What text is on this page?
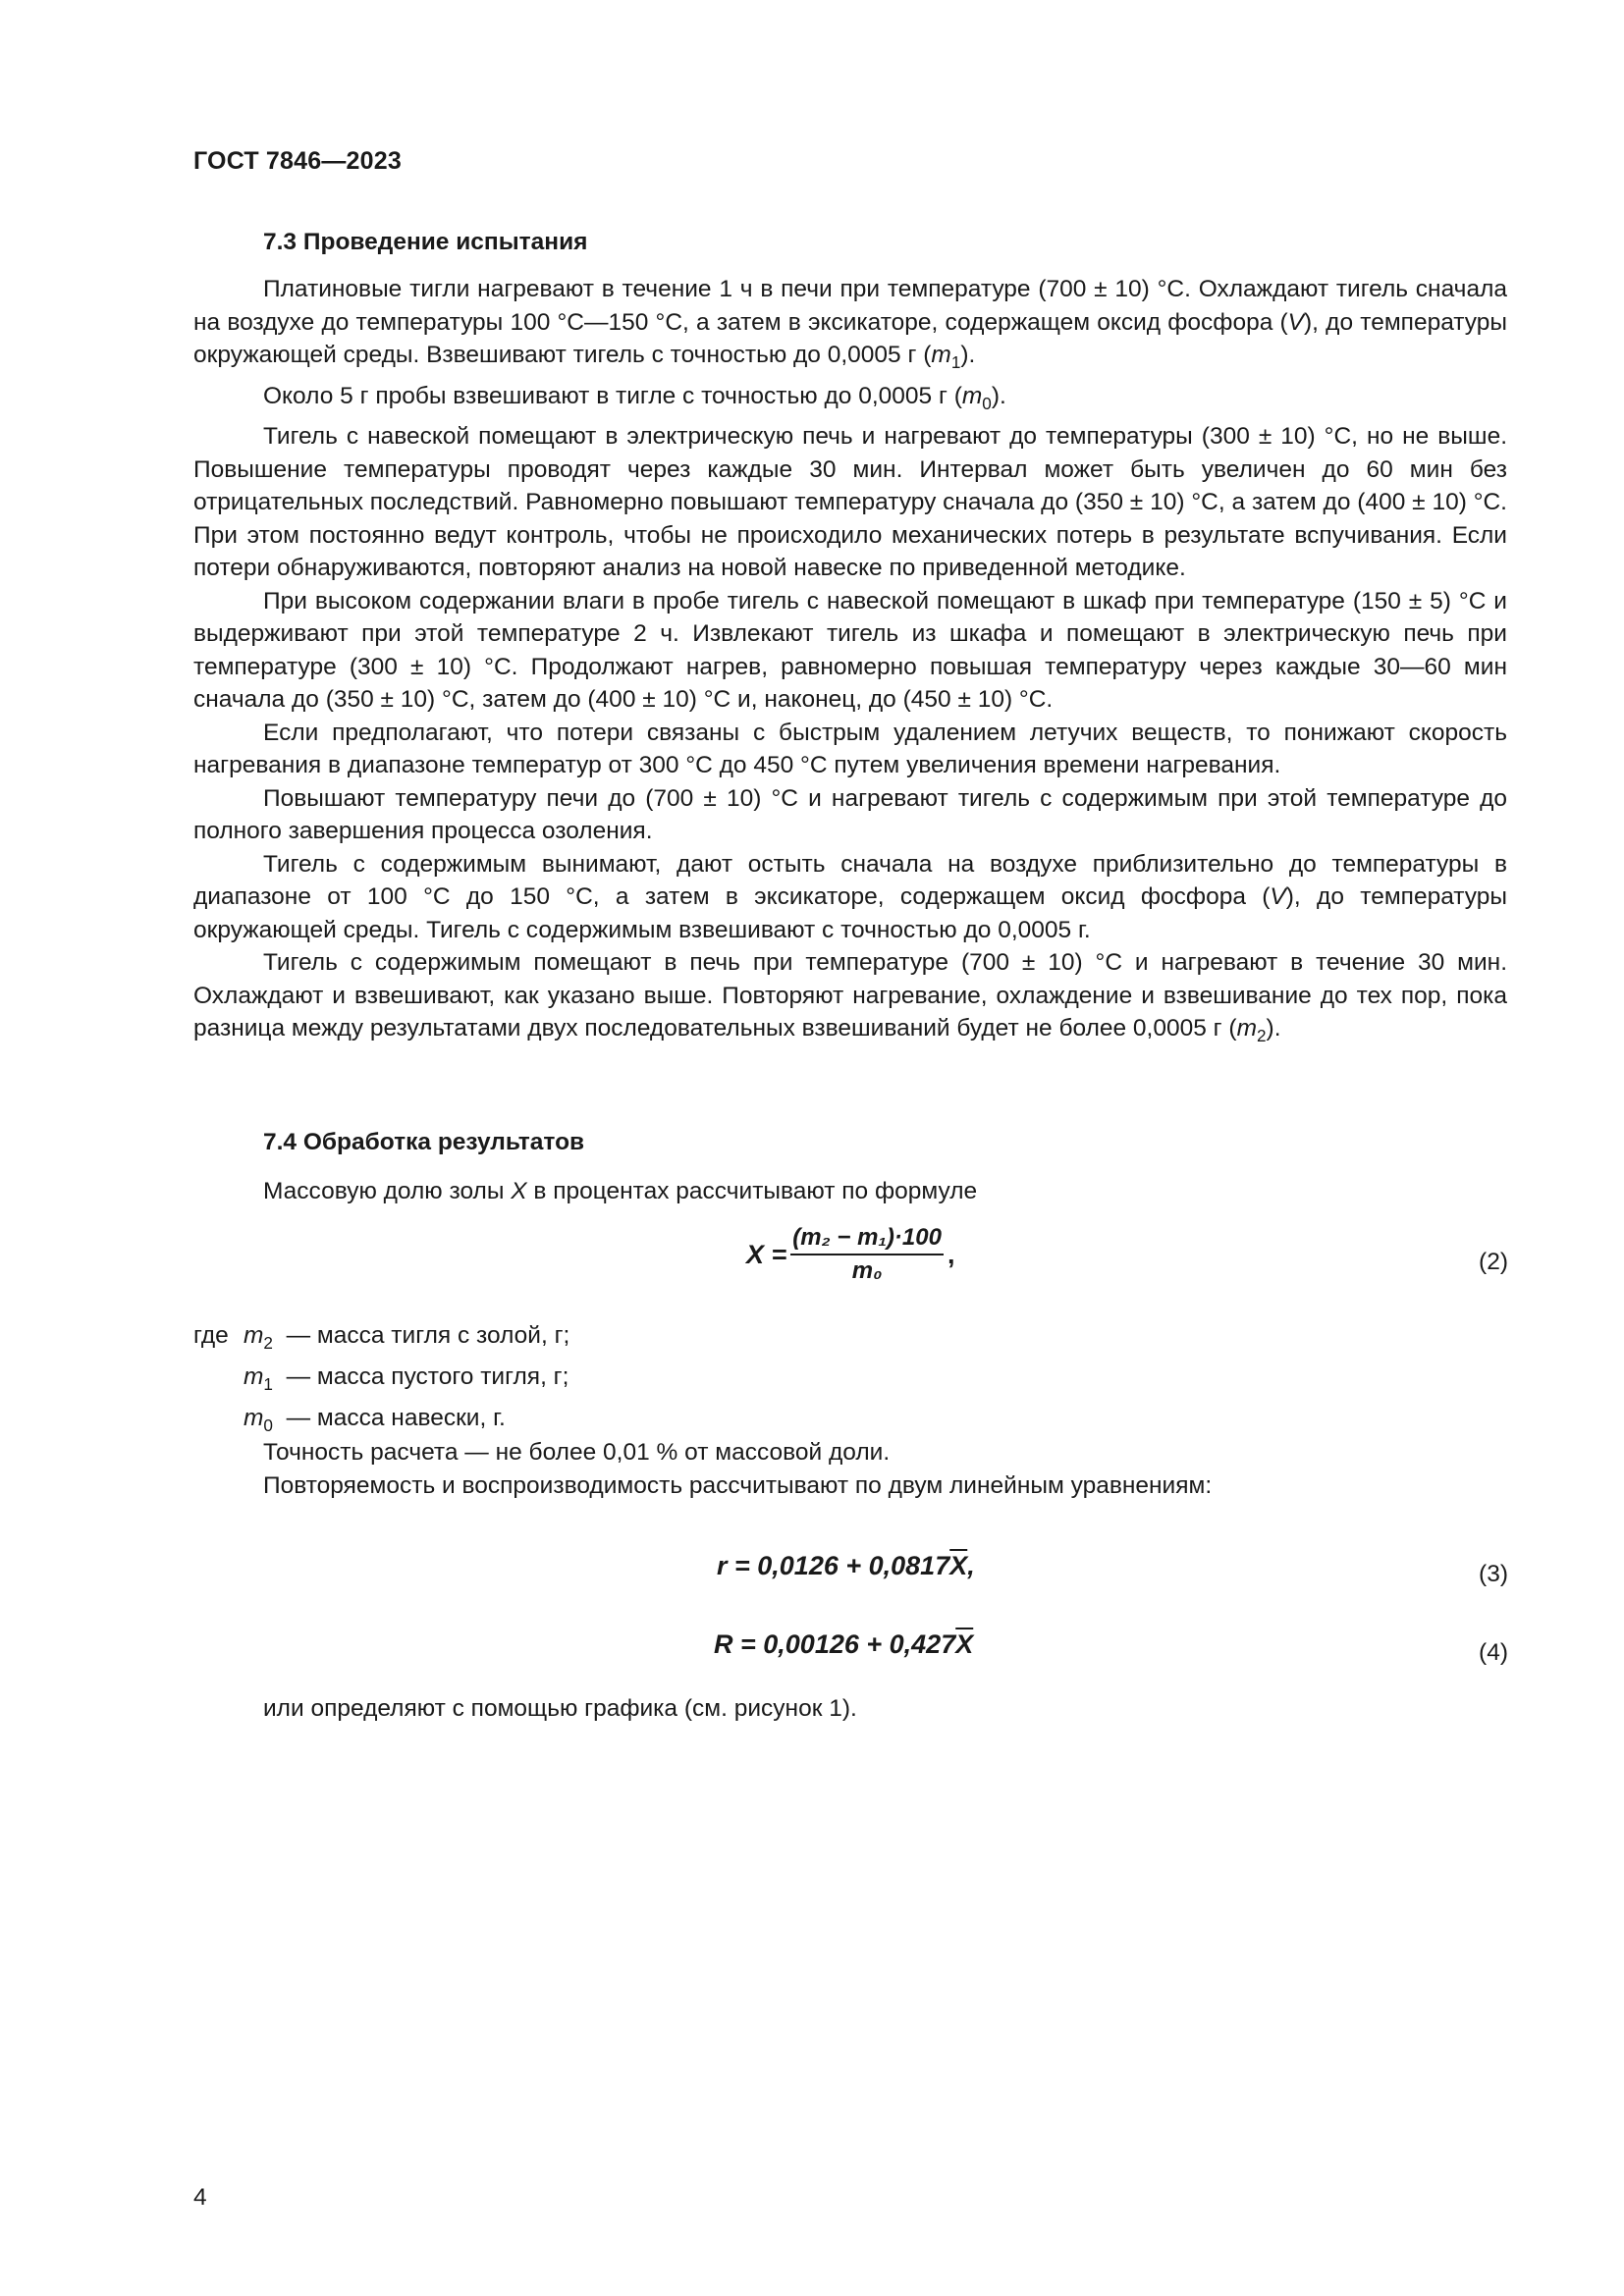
ГОСТ 7846—2023
7.3 Проведение испытания

Платиновые тигли нагревают в течение 1 ч в печи при температуре (700 ± 10) °С. Охлаждают тигель сначала на воздухе до температуры 100 °С—150 °С, а затем в эксикаторе, содержащем оксид фосфора (V), до температуры окружающей среды. Взвешивают тигель с точностью до 0,0005 г $(m_1)$.

Около 5 г пробы взвешивают в тигле с точностью до 0,0005 г $(m_0)$.

Тигель с навеской помещают в электрическую печь и нагревают до температуры (300 ± 10) °С, но не выше. Повышение температуры проводят через каждые 30 мин. Интервал может быть увеличен до 60 мин без отрицательных последствий. Равномерно повышают температуру сначала до (350 ± 10) °С, а затем до (400 ± 10) °С. При этом постоянно ведут контроль, чтобы не происходило механических потерь в результате вспучивания. Если потери обнаруживаются, повторяют анализ на новой навеске по приведенной методике.

При высоком содержании влаги в пробе тигель с навеской помещают в шкаф при температуре (150 ± 5) °С и выдерживают при этой температуре 2 ч. Извлекают тигель из шкафа и помещают в электрическую печь при температуре (300 ± 10) °С. Продолжают нагрев, равномерно повышая температуру через каждые 30—60 мин сначала до (350 ± 10) °С, затем до (400 ± 10) °С и, наконец, до (450 ± 10) °С.

Если предполагают, что потери связаны с быстрым удалением летучих веществ, то понижают скорость нагревания в диапазоне температур от 300 °С до 450 °С путем увеличения времени нагревания.

Повышают температуру печи до (700 ± 10) °С и нагревают тигель с содержимым при этой температуре до полного завершения процесса озоления.

Тигель с содержимым вынимают, дают остыть сначала на воздухе приблизительно до температуры в диапазоне от 100 °С до 150 °С, а затем в эксикаторе, содержащем оксид фосфора (V), до температуры окружающей среды. Тигель с содержимым взвешивают с точностью до 0,0005 г.

Тигель с содержимым помещают в печь при температуре (700 ± 10) °С и нагревают в течение 30 мин. Охлаждают и взвешивают, как указано выше. Повторяют нагревание, охлаждение и взвешивание до тех пор, пока разница между результатами двух последовательных взвешиваний будет не более 0,0005 г $(m_2)$.

7.4 Обработка результатов
Массовую долю золы X в процентах рассчитывают по формуле
$X = \frac{\text{(m₂ − m₁)·100}}{\text{m₀}}$ ,	(2)
где $m_2$ — масса тигля с золой, г;
$m_1$ — масса пустого тигля, г;
$m_0$ — масса навески, г.
Точность расчета — не более 0,01 % от массовой доли.
Повторяемость и воспроизводимость рассчитывают по двум линейным уравнениям:
r = 0,0126 + 0,0817 $\overline{X}$ ,	(3)
R = 0,00126 + 0,427 $\overline{X}$	(4)
или определяют с помощью графика (см. рисунок 1).
4
